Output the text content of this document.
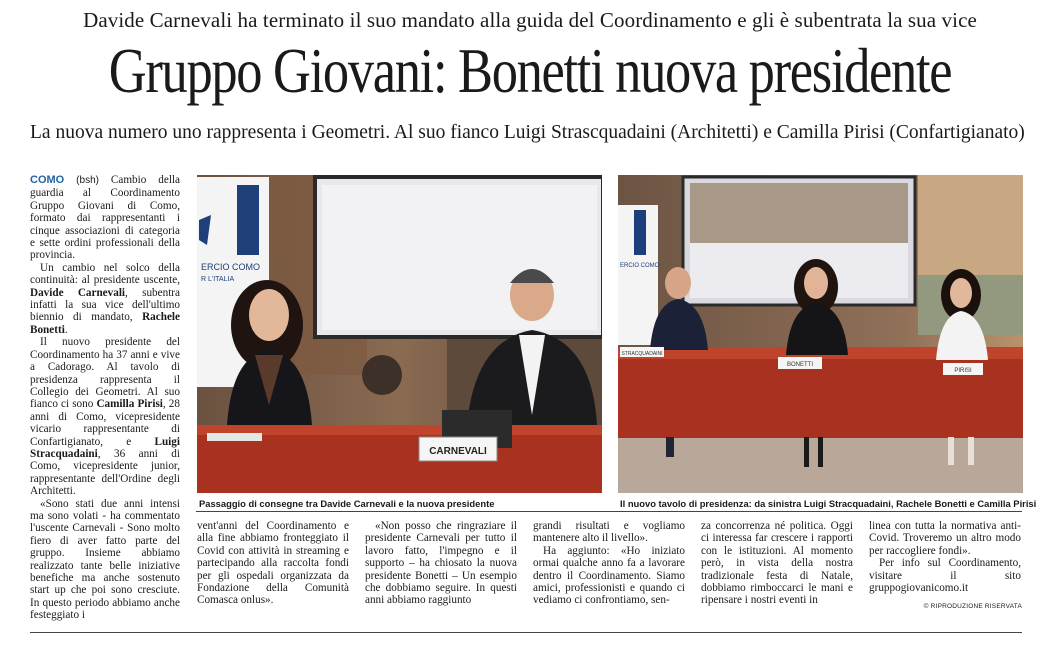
Davide Carnevali ha terminato il suo mandato alla guida del Coordinamento e gli è subentrata la sua vice
Gruppo Giovani: Bonetti nuova presidente
La nuova numero uno rappresenta i Geometri. Al suo fianco Luigi Strascquadaini (Architetti) e Camilla Pirisi (Confartigianato)

COMO (bsh) Cambio della guardia al Coordinamento Gruppo Giovani di Como, formato dai rappresentanti i cinque associazioni di categoria e sette ordini professionali della provincia.

Un cambio nel solco della continuità: al presidente uscente, Davide Carnevali, subentra infatti la sua vice dell'ultimo biennio di mandato, Rachele Bonetti.

Il nuovo presidente del Coordinamento ha 37 anni e vive a Cadorago. Al tavolo di presidenza rappresenta il Collegio dei Geometri. Al suo fianco ci sono Camilla Pirisi, 28 anni di Como, vicepresidente vicario rappresentante di Confartigianato, e Luigi Stracquadaini, 36 anni di Como, vicepresidente junior, rappresentante dell'Ordine degli Architetti.

«Sono stati due anni intensi ma sono volati - ha commentato l'uscente Carnevali - Sono molto fiero di aver fatto parte del gruppo. Insieme abbiamo realizzato tante belle iniziative benefiche ma anche sostenuto start up che poi sono cresciute. In questo periodo abbiamo anche festeggiato i

ERCIO COMO
R L'ITALIA
CARNEVALI
ERCIO COMO
STRACQUADAINI
BONETTI
PIRISI
Passaggio di consegne tra Davide Carnevali e la nuova presidente	Il nuovo tavolo di presidenza: da sinistra Luigi Stracquadaini, Rachele Bonetti e Camilla Pirisi

vent'anni del Coordinamento e alla fine abbiamo fronteggiato il Covid con attività in streaming e partecipando alla raccolta fondi per gli ospedali organizzata da Fondazione della Comunità Comasca onlus».

«Non posso che ringraziare il presidente Carnevali per tutto il lavoro fatto, l'impegno e il supporto – ha chiosato la nuova presidente Bonetti – Un esempio che dobbiamo seguire. In questi anni abbiamo raggiunto

grandi risultati e vogliamo mantenere alto il livello».

Ha aggiunto: «Ho iniziato ormai qualche anno fa a lavorare dentro il Coordinamento. Siamo amici, professionisti e quando ci vediamo ci confrontiamo, sen-

za concorrenza né politica. Oggi ci interessa far crescere i rapporti con le istituzioni. Al momento però, in vista della nostra tradizionale festa di Natale, dobbiamo rimboccarci le mani e ripensare i nostri eventi in

linea con tutta la normativa anti-Covid. Troveremo un altro modo per raccogliere fondi».

Per info sul Coordinamento, visitare il sito gruppogiovanicomo.it

© RIPRODUZIONE RISERVATA
